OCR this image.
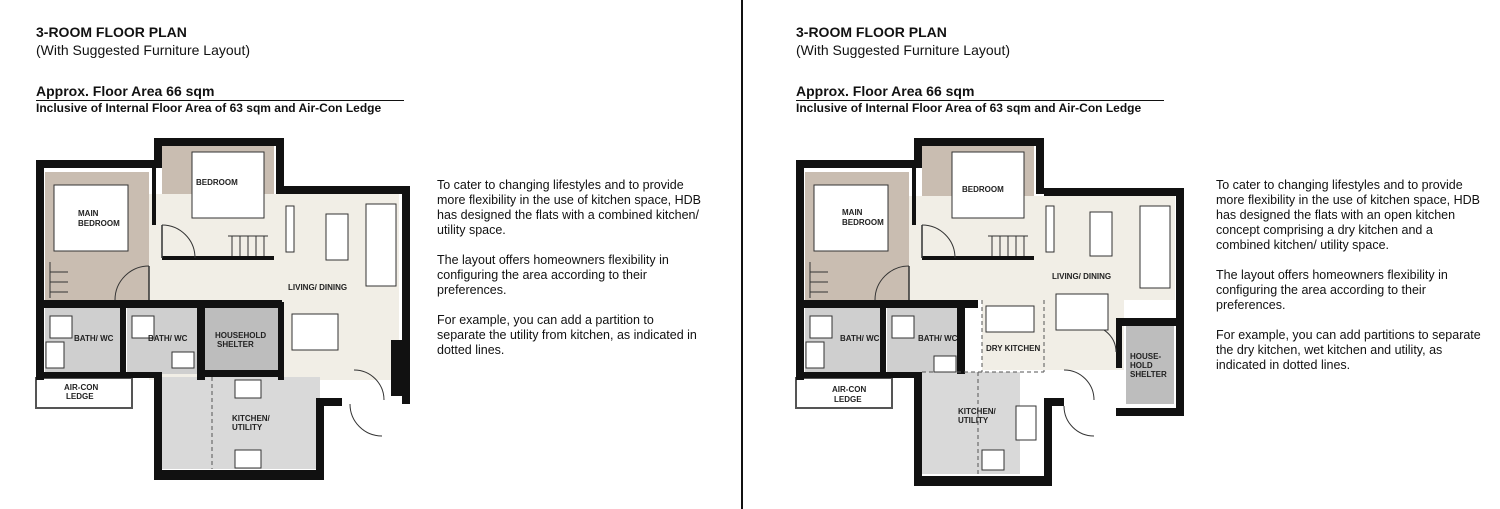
3-ROOM FLOOR PLAN
(With Suggested Furniture Layout)
Approx. Floor Area 66 sqm
Inclusive of Internal Floor Area of 63 sqm and Air-Con Ledge
MAIN
BEDROOM
BEDROOM
LIVING/ DINING
BATH/ WC	BATH/ WC	HOUSEHOLD
SHELTER
AIR-CON
LEDGE
KITCHEN/
UTILITY

To cater to changing lifestyles and to provide more flexibility in the use of kitchen space, HDB has designed the flats with a combined kitchen/ utility space.

The layout offers homeowners flexibility in configuring the area according to their preferences.

For example, you can add a partition to separate the utility from kitchen, as indicated in dotted lines.

3-ROOM FLOOR PLAN
(With Suggested Furniture Layout)
Approx. Floor Area 66 sqm
Inclusive of Internal Floor Area of 63 sqm and Air-Con Ledge
MAIN
BEDROOM
BEDROOM
LIVING/ DINING
BATH/ WC	BATH/ WC
DRY KITCHEN
HOUSE-
HOLD
SHELTER
AIR-CON
LEDGE
KITCHEN/
UTILITY

To cater to changing lifestyles and to provide more flexibility in the use of kitchen space, HDB has designed the flats with an open kitchen concept comprising a dry kitchen and a combined kitchen/ utility space.

The layout offers homeowners flexibility in configuring the area according to their preferences.

For example, you can add partitions to separate the dry kitchen, wet kitchen and utility, as indicated in dotted lines.
